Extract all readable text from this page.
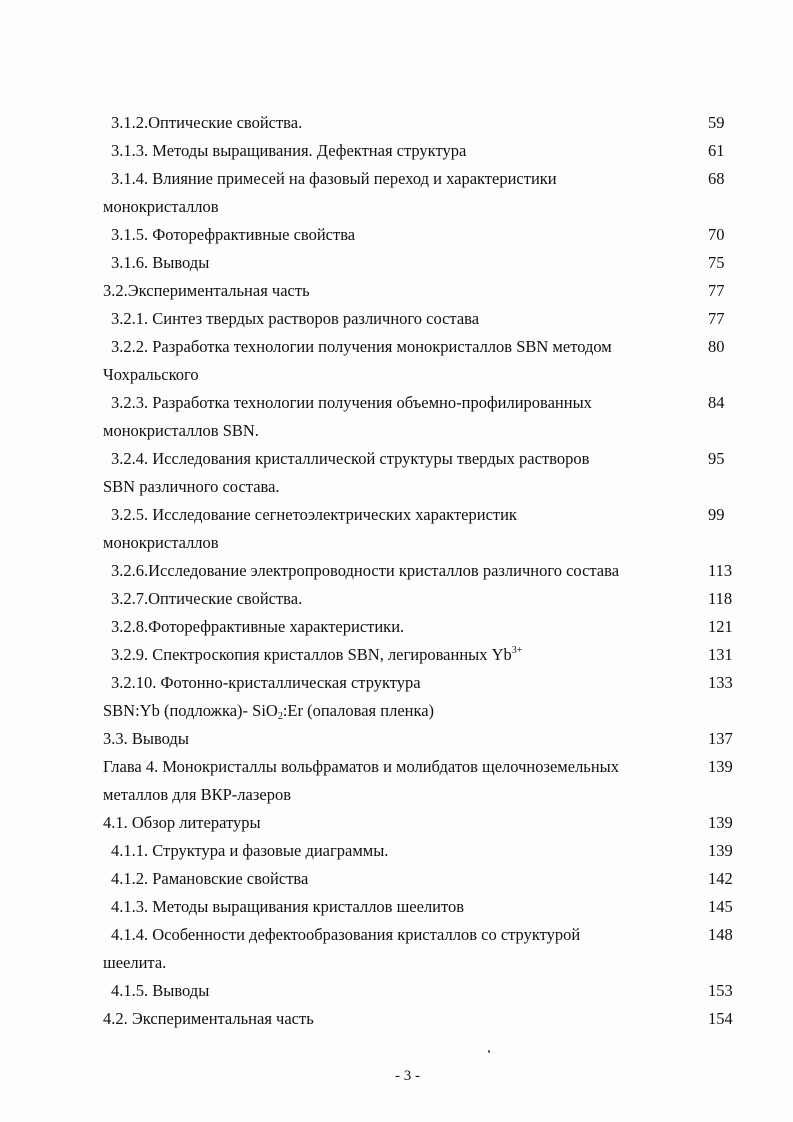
3.1.2.Оптические свойства.	59
3.1.3. Методы выращивания. Дефектная структура	61
3.1.4. Влияние примесей на фазовый переход и характеристики	68
монокристаллов
3.1.5. Фоторефрактивные свойства	70
3.1.6. Выводы	75
3.2.Экспериментальная часть	77
3.2.1. Синтез твердых растворов различного состава	77
3.2.2. Разработка технологии получения монокристаллов SBN методом	80
Чохральского
3.2.3. Разработка технологии получения объемно-профилированных	84
монокристаллов SBN.
3.2.4. Исследования кристаллической структуры твердых растворов	95
SBN различного состава.
3.2.5. Исследование сегнетоэлектрических характеристик	99
монокристаллов
3.2.6.Исследование электропроводности кристаллов различного состава	113
3.2.7.Оптические свойства.	118
3.2.8.Фоторефрактивные характеристики.	121
3.2.9. Спектроскопия кристаллов SBN, легированных $Yb^{3+}$	131
3.2.10. Фотонно-кристаллическая структура	133
SBN:Yb (подложка)- SiO$_2$:Er (опаловая пленка)
3.3. Выводы	137
Глава 4. Монокристаллы вольфраматов и молибдатов щелочноземельных	139
металлов для ВКР-лазеров
4.1. Обзор литературы	139
4.1.1. Структура и фазовые диаграммы.	139
4.1.2. Рамановские свойства	142
4.1.3. Методы выращивания кристаллов шеелитов	145
4.1.4. Особенности дефектообразования кристаллов со структурой	148
шеелита.
4.1.5. Выводы	153
4.2. Экспериментальная часть	154
- 3 -
